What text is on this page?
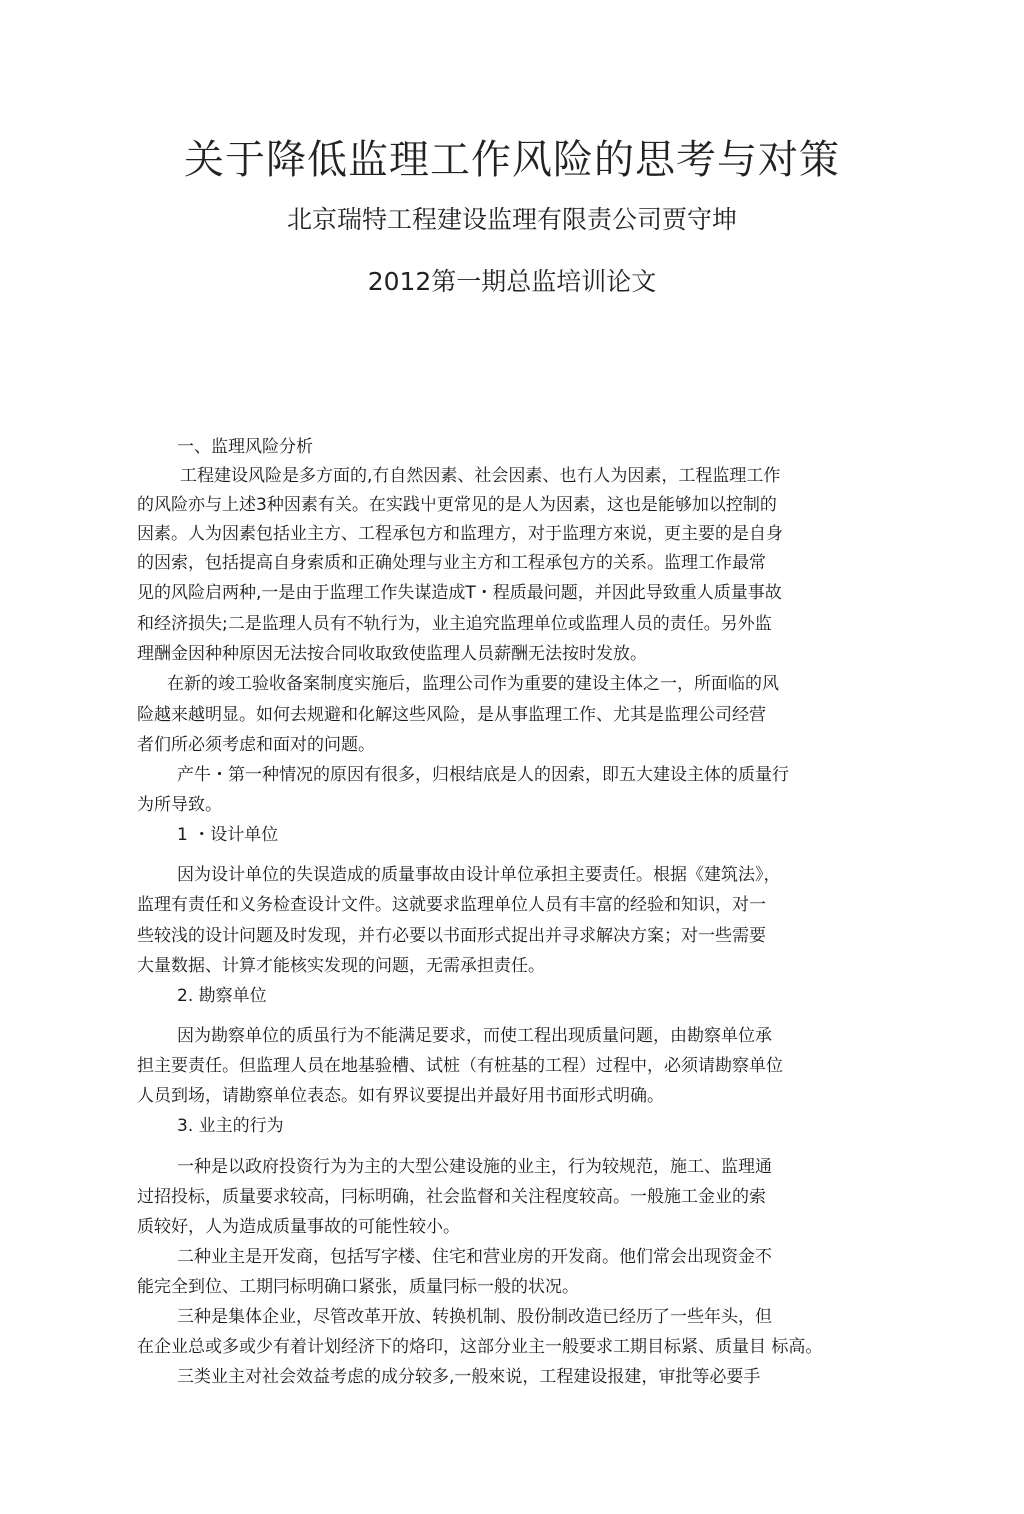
关于降低监理工作风险的思考与对策
北京瑞特工程建设监理有限责公司贾守坤
2012第一期总监培训论文
一、监理风险分析
工程建设风险是多方面的,冇自然因素、社会因素、也冇人为因素，工程监理工作
的风险亦与上述3种因素有关。在实践屮更常见的是人为因素，这也是能够加以控制的
因素。人为因素包括业主方、工程承包方和监理方，对于监理方來说，更主要的是自身
的因索，包括提高自身索质和正确处理与业主方和工程承包方的关系。监理工作最常
见的风险启两种,一是由于监理工作失谋造成T・程质最问题，并因此导致重人质量事故
和经济损失;二是监理人员有不轨行为，业主追究监理单位或监理人员的责任。另外监
理酬金因种种原因无法按合同收取致使监理人员薪酬无法按时发放。
在新的竣工验收备案制度实施后，监理公司作为重要的建设主体之一，所面临的风
险越来越明显。如何去规避和化解这些风险，是从事监理工作、尤其是监理公司经营
者们所必须考虑和面对的问题。
产牛・第一种情况的原因有很多，归根结底是人的因索，即五大建设主体的质量行
为所导致。
1 ・设计单位
因为设计单位的失误造成的质量事故由设计单位承担主要责任。根据《建筑法》，
监理有责任和义务检查设计文件。这就要求监理单位人员有丰富的经验和知识，对一
些较浅的设计问题及时发现，并冇必要以书面形式捉出并寻求解决方案；对一些需要
大量数据、计算才能核实发现的问题，无需承担责任。
2. 勘察单位
因为勘察单位的质虽行为不能满足要求，而使工程出现质量问题，由勘察单位承
担主要责任。但监理人员在地基验槽、试桩（有桩基的工程）过程中，必须请勘察单位
人员到场，请勘察单位表态。如有界议要提出并最好用书面形式明确。
3. 业主的行为
一种是以政府投资行为为主的大型公建设施的业主，行为较规范，施工、监理通
过招投标，质量要求较高，冃标明确，社会监督和关注程度较高。一般施工金业的索
质较好，人为造成质量事故的可能性较小。
二种业主是开发商，包括写字楼、住宅和营业房的开发商。他们常会出现资金不
能完全到位、工期冃标明确口紧张，质量冃标一般的状况。
三种是集体企业，尽管改革开放、转换机制、股份制改造已经历了一些年头，但
在企业总或多或少有着计划经济下的烙印，这部分业主一般要求工期目标紧、质量目 标高。
三类业主对社会效益考虑的成分较多,一般來说，工程建设报建，审批等必要手
